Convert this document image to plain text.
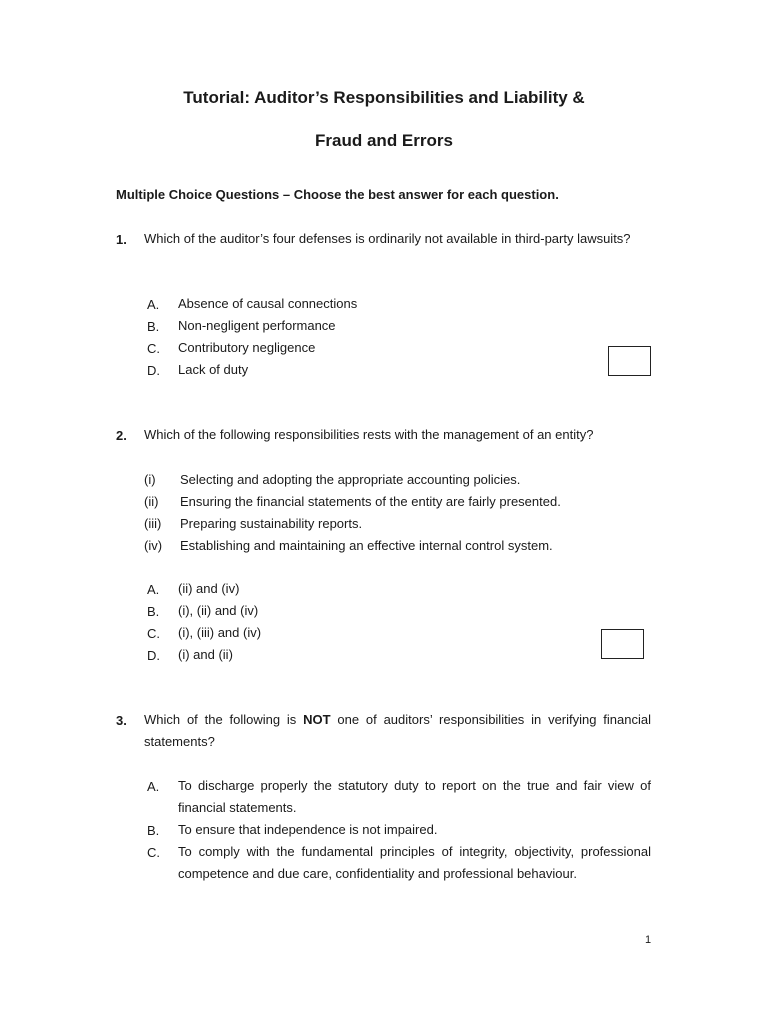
Tutorial: Auditor’s Responsibilities and Liability &
Fraud and Errors
Multiple Choice Questions – Choose the best answer for each question.
1. Which of the auditor’s four defenses is ordinarily not available in third-party lawsuits?
A. Absence of causal connections
B. Non-negligent performance
C. Contributory negligence
D. Lack of duty
2. Which of the following responsibilities rests with the management of an entity?
(i) Selecting and adopting the appropriate accounting policies.
(ii) Ensuring the financial statements of the entity are fairly presented.
(iii) Preparing sustainability reports.
(iv) Establishing and maintaining an effective internal control system.
A. (ii) and (iv)
B. (i), (ii) and (iv)
C. (i), (iii) and (iv)
D. (i) and (ii)
3. Which of the following is NOT one of auditors’ responsibilities in verifying financial statements?
A. To discharge properly the statutory duty to report on the true and fair view of financial statements.
B. To ensure that independence is not impaired.
C. To comply with the fundamental principles of integrity, objectivity, professional competence and due care, confidentiality and professional behaviour.
1
